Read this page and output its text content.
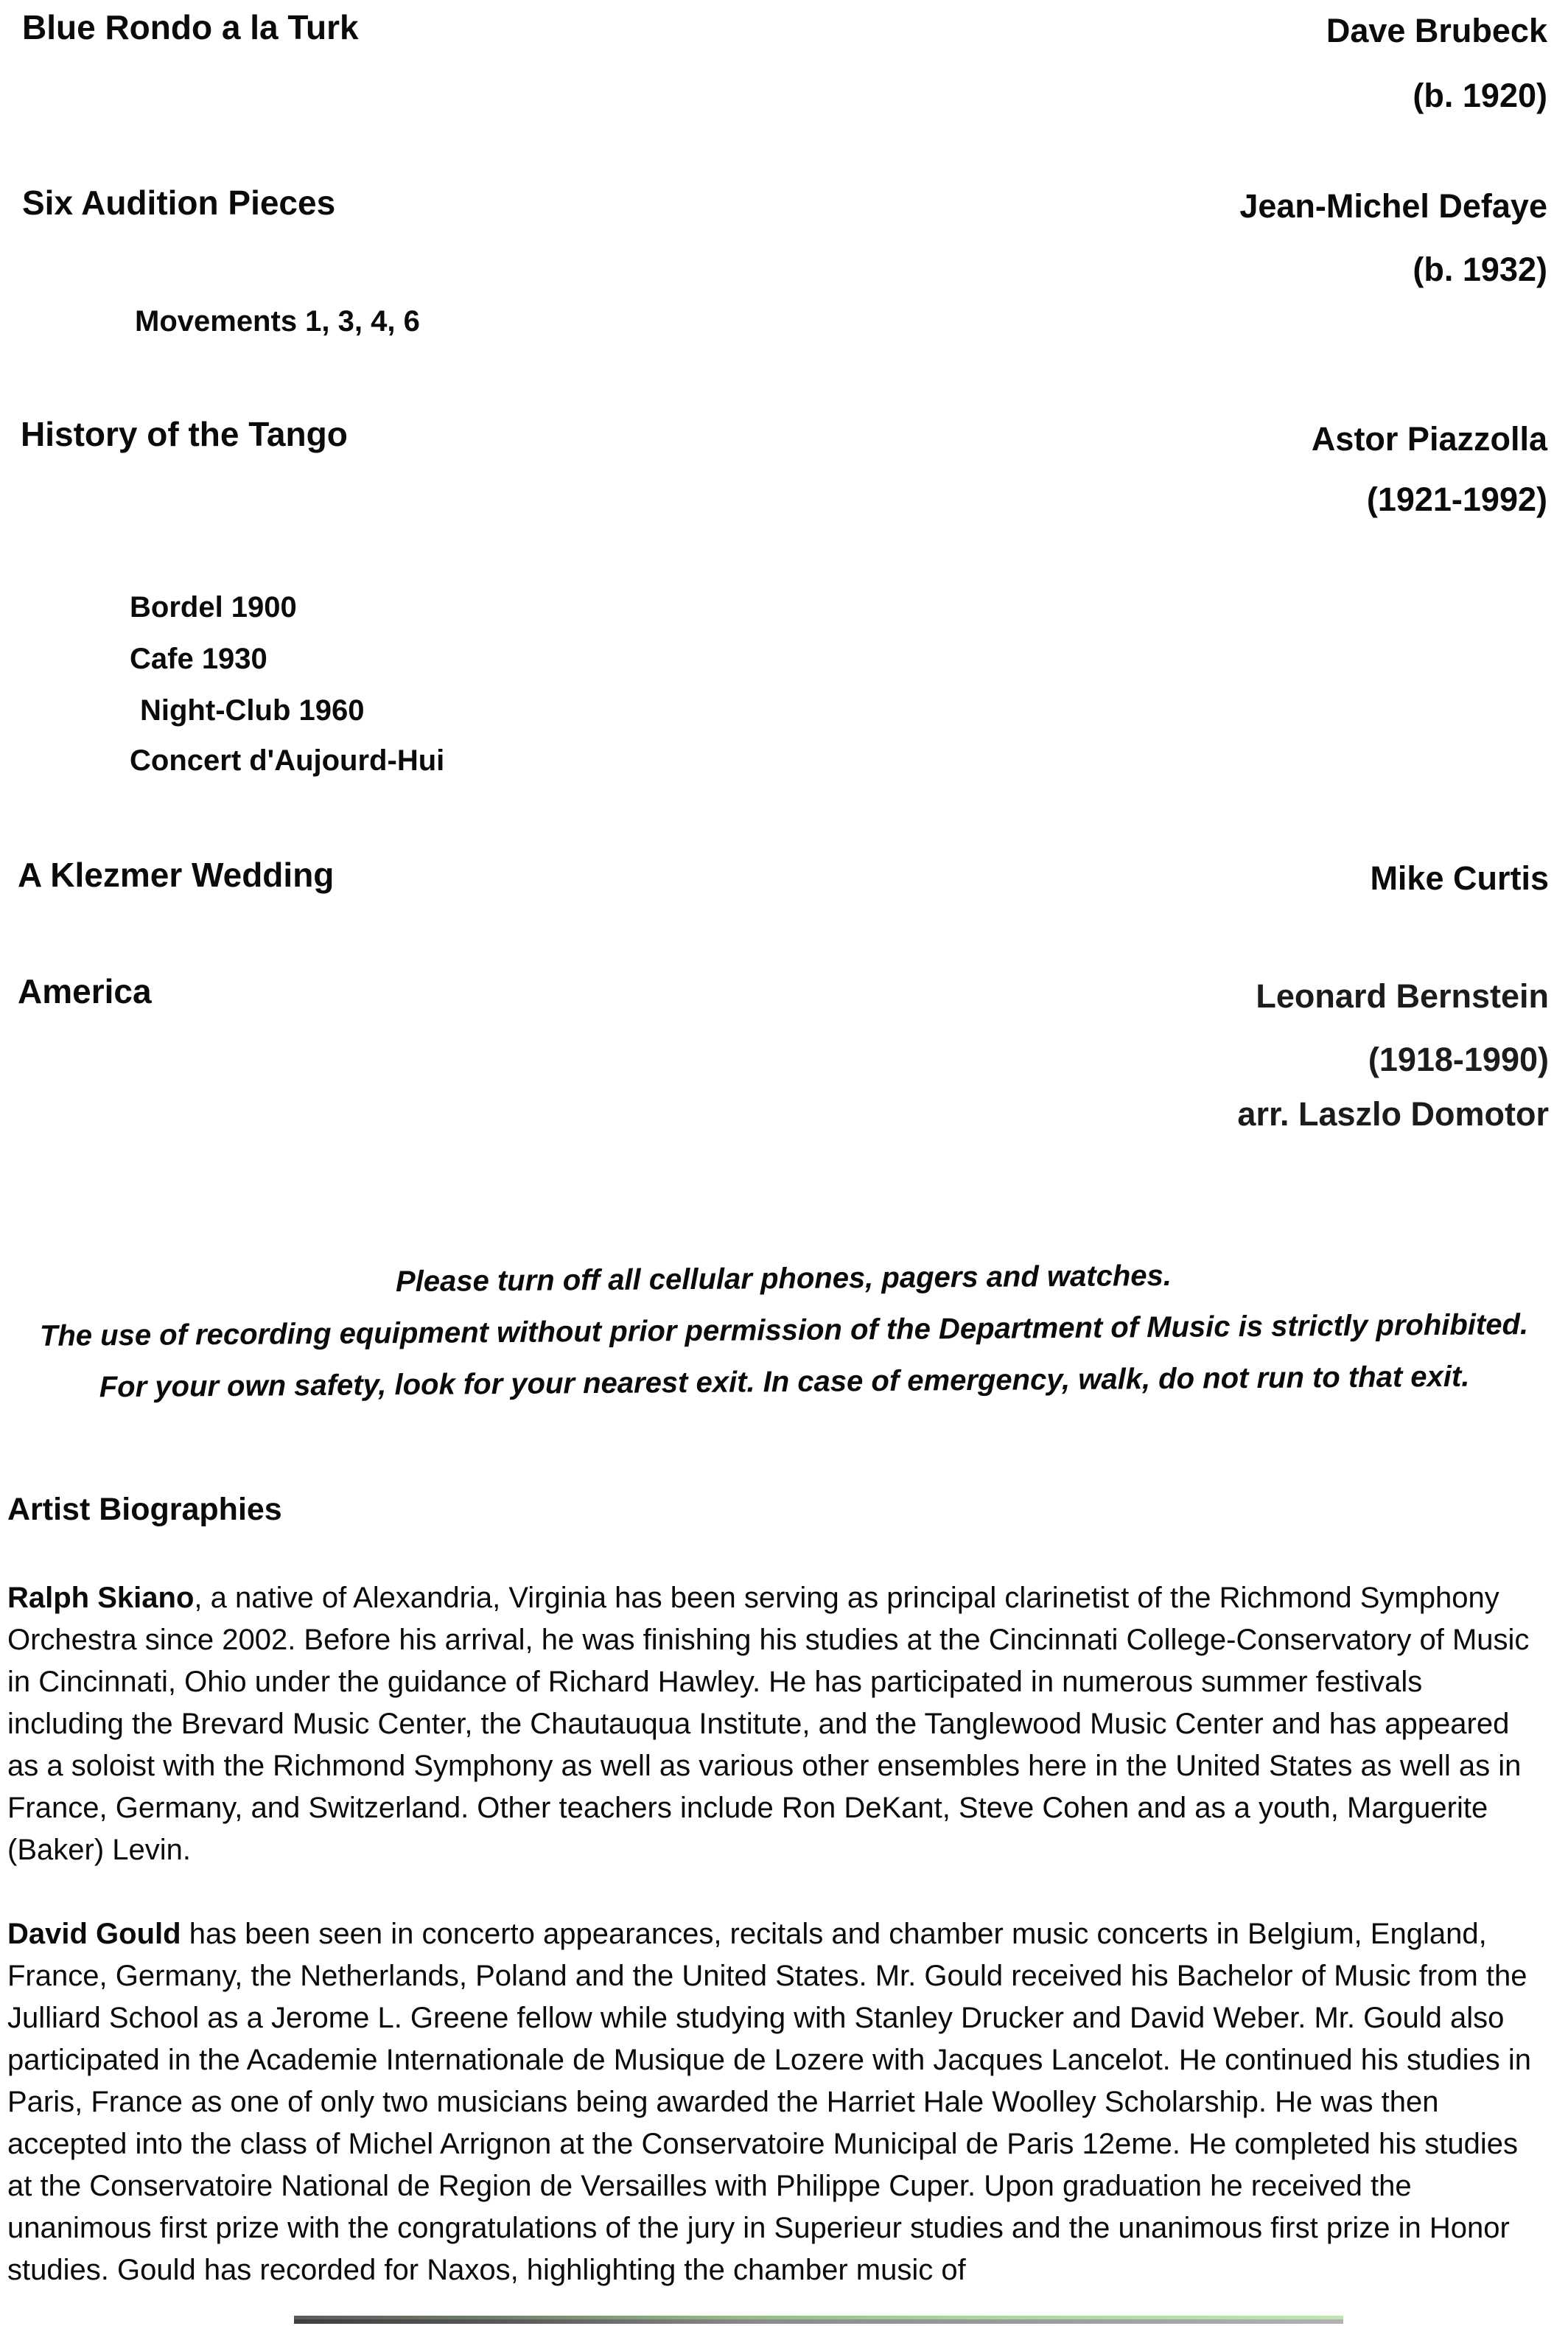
Blue Rondo a la Turk	Dave Brubeck
(b. 1920)
Six Audition Pieces	Jean-Michel Defaye
(b. 1932)
Movements 1, 3, 4, 6
History of the Tango	Astor Piazzolla
(1921-1992)
Bordel 1900
Cafe 1930
Night-Club 1960
Concert d'Aujourd-Hui
A Klezmer Wedding	Mike Curtis
America	Leonard Bernstein
(1918-1990)
arr. Laszlo Domotor
Please turn off all cellular phones, pagers and watches.
The use of recording equipment without prior permission of the Department of Music is strictly prohibited.
For your own safety, look for your nearest exit. In case of emergency, walk, do not run to that exit.
Artist Biographies

Ralph Skiano, a native of Alexandria, Virginia has been serving as principal clarinetist of the Richmond Symphony Orchestra since 2002. Before his arrival, he was finishing his studies at the Cincinnati College-Conservatory of Music in Cincinnati, Ohio under the guidance of Richard Hawley. He has participated in numerous summer festivals including the Brevard Music Center, the Chautauqua Institute, and the Tanglewood Music Center and has appeared as a soloist with the Richmond Symphony as well as various other ensembles here in the United States as well as in France, Germany, and Switzerland. Other teachers include Ron DeKant, Steve Cohen and as a youth, Marguerite (Baker) Levin.

David Gould has been seen in concerto appearances, recitals and chamber music concerts in Belgium, England, France, Germany, the Netherlands, Poland and the United States. Mr. Gould received his Bachelor of Music from the Julliard School as a Jerome L. Greene fellow while studying with Stanley Drucker and David Weber. Mr. Gould also participated in the Academie Internationale de Musique de Lozere with Jacques Lancelot. He continued his studies in Paris, France as one of only two musicians being awarded the Harriet Hale Woolley Scholarship. He was then accepted into the class of Michel Arrignon at the Conservatoire Municipal de Paris 12eme. He completed his studies at the Conservatoire National de Region de Versailles with Philippe Cuper. Upon graduation he received the unanimous first prize with the congratulations of the jury in Superieur studies and the unanimous first prize in Honor studies. Gould has recorded for Naxos, highlighting the chamber music of
